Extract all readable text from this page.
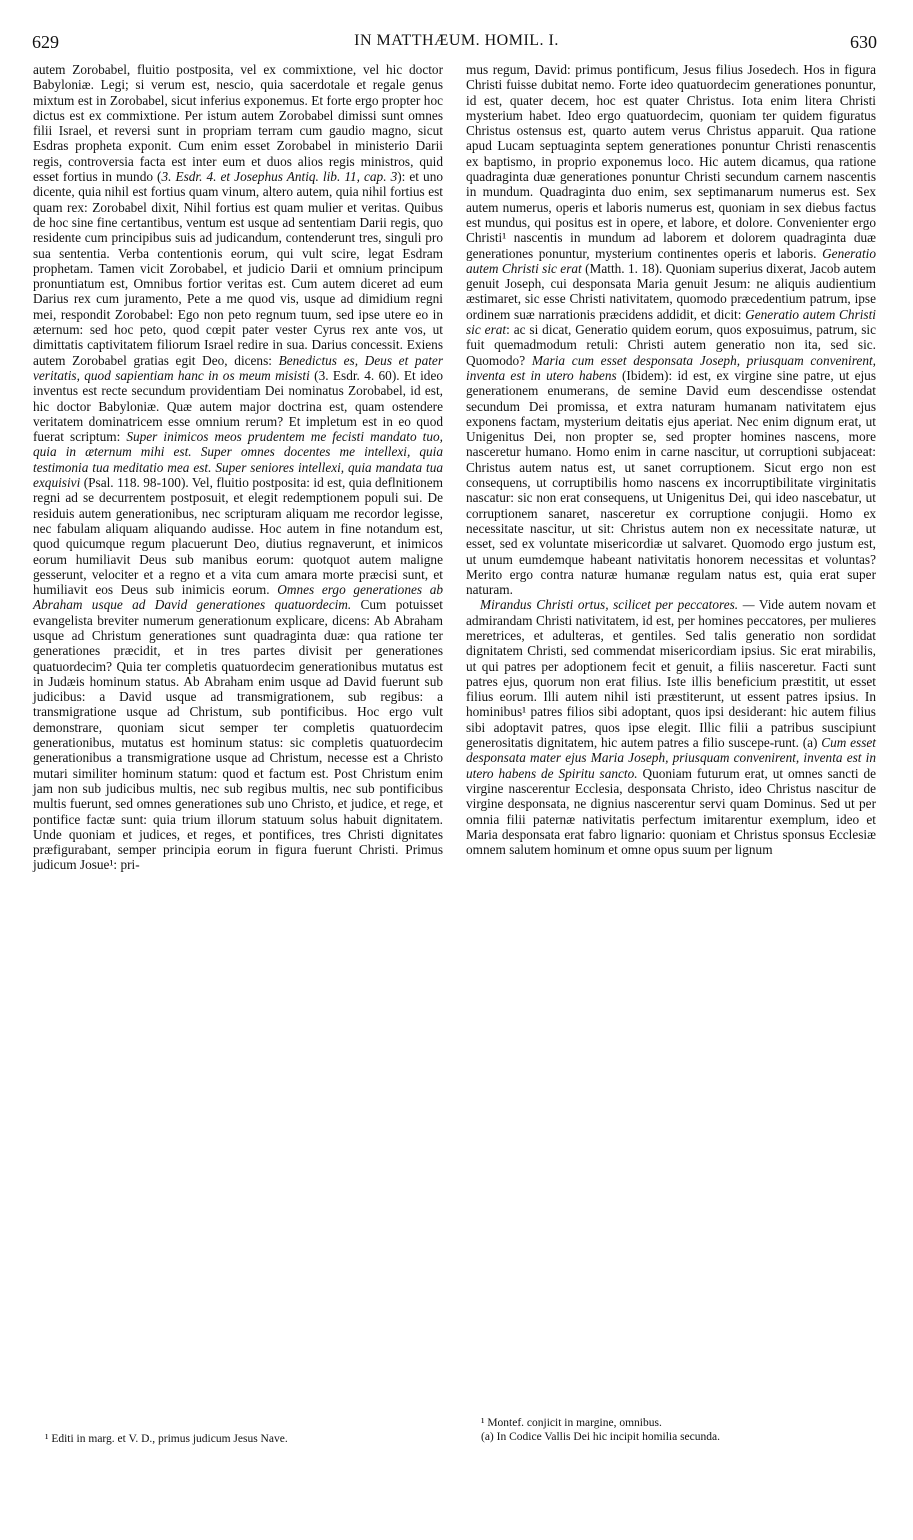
629	IN MATTHÆUM. HOMIL. I.	630

autem Zorobabel, fluitio postposita, vel ex commixtione, vel hic doctor Babyloniæ. Legi; si verum est, nescio, quia sacerdotale et regale genus mixtum est in Zorobabel, sicut inferius exponemus. Et forte ergo propter hoc dictus est ex commixtione. Per istum autem Zorobabel dimissi sunt omnes filii Israel, et reversi sunt in propriam terram cum gaudio magno, sicut Esdras propheta exponit. Cum enim esset Zorobabel in ministerio Darii regis, controversia facta est inter eum et duos alios regis ministros, quid esset fortius in mundo (3. Esdr. 4. et Josephus Antiq. lib. 11, cap. 3): et uno dicente, quia nihil est fortius quam vinum, altero autem, quia nihil fortius est quam rex: Zorobabel dixit, Nihil fortius est quam mulier et veritas. Quibus de hoc sine fine certantibus, ventum est usque ad sententiam Darii regis, quo residente cum principibus suis ad judicandum, contenderunt tres, singuli pro sua sententia. Verba contentionis eorum, qui vult scire, legat Esdram prophetam. Tamen vicit Zorobabel, et judicio Darii et omnium principum pronuntiatum est, Omnibus fortior veritas est. Cum autem diceret ad eum Darius rex cum juramento, Pete a me quod vis, usque ad dimidium regni mei, respondit Zorobabel: Ego non peto regnum tuum, sed ipse utere eo in æternum: sed hoc peto, quod cœpit pater vester Cyrus rex ante vos, ut dimittatis captivitatem filiorum Israel redire in sua. Darius concessit. Exiens autem Zorobabel gratias egit Deo, dicens: Benedictus es, Deus et pater veritatis, quod sapientiam hanc in os meum misisti (3. Esdr. 4. 60). Et ideo inventus est recte secundum providentiam Dei nominatus Zorobabel, id est, hic doctor Babyloniæ. Quæ autem major doctrina est, quam ostendere veritatem dominatricem esse omnium rerum? Et impletum est in eo quod fuerat scriptum: Super inimicos meos prudentem me fecisti mandato tuo, quia in æternum mihi est. Super omnes docentes me intellexi, quia testimonia tua meditatio mea est. Super seniores intellexi, quia mandata tua exquisivi (Psal. 118. 98-100). Vel, fluitio postposita: id est, quia deflnitionem regni ad se decurrentem postposuit, et elegit redemptionem populi sui. De residuis autem generationibus, nec scripturam aliquam me recordor legisse, nec fabulam aliquam aliquando audisse. Hoc autem in fine notandum est, quod quicumque regum placuerunt Deo, diutius regnaverunt, et inimicos eorum humiliavit Deus sub manibus eorum: quotquot autem maligne gesserunt, velociter et a regno et a vita cum amara morte præcisi sunt, et humiliavit eos Deus sub inimicis eorum. Omnes ergo generationes ab Abraham usque ad David generationes quatuordecim. Cum potuisset evangelista breviter numerum generationum explicare, dicens: Ab Abraham usque ad Christum generationes sunt quadraginta duæ: qua ratione ter generationes præcidit, et in tres partes divisit per generationes quatuordecim? Quia ter completis quatuordecim generationibus mutatus est in Judæis hominum status. Ab Abraham enim usque ad David fuerunt sub judicibus: a David usque ad transmigrationem, sub regibus: a transmigratione usque ad Christum, sub pontificibus. Hoc ergo vult demonstrare, quoniam sicut semper ter completis quatuordecim generationibus, mutatus est hominum status: sic completis quatuordecim generationibus a transmigratione usque ad Christum, necesse est a Christo mutari similiter hominum statum: quod et factum est. Post Christum enim jam non sub judicibus multis, nec sub regibus multis, nec sub pontificibus multis fuerunt, sed omnes generationes sub uno Christo, et judice, et rege, et pontifice factæ sunt: quia trium illorum statuum solus habuit dignitatem. Unde quoniam et judices, et reges, et pontifices, tres Christi dignitates præfigurabant, semper principia eorum in figura fuerunt Christi. Primus judicum Josue¹: pri-

mus regum, David: primus pontificum, Jesus filius Josedech. Hos in figura Christi fuisse dubitat nemo. Forte ideo quatuordecim generationes ponuntur, id est, quater decem, hoc est quater Christus. Iota enim litera Christi mysterium habet. Ideo ergo quatuordecim, quoniam ter quidem figuratus Christus ostensus est, quarto autem verus Christus apparuit. Qua ratione apud Lucam septuaginta septem generationes ponuntur Christi renascentis ex baptismo, in proprio exponemus loco. Hic autem dicamus, qua ratione quadraginta duæ generationes ponuntur Christi secundum carnem nascentis in mundum. Quadraginta duo enim, sex septimanarum numerus est. Sex autem numerus, operis et laboris numerus est, quoniam in sex diebus factus est mundus, qui positus est in opere, et labore, et dolore. Convenienter ergo Christi¹ nascentis in mundum ad laborem et dolorem quadraginta duæ generationes ponuntur, mysterium continentes operis et laboris. Generatio autem Christi sic erat (Matth. 1. 18). Quoniam superius dixerat, Jacob autem genuit Joseph, cui desponsata Maria genuit Jesum: ne aliquis audientium æstimaret, sic esse Christi nativitatem, quomodo præcedentium patrum, ipse ordinem suæ narrationis præcidens addidit, et dicit: Generatio autem Christi sic erat: ac si dicat, Generatio quidem eorum, quos exposuimus, patrum, sic fuit quemadmodum retuli: Christi autem generatio non ita, sed sic. Quomodo? Maria cum esset desponsata Joseph, priusquam convenirent, inventa est in utero habens (Ibidem): id est, ex virgine sine patre, ut ejus generationem enumerans, de semine David eum descendisse ostendat secundum Dei promissa, et extra naturam humanam nativitatem ejus exponens factam, mysterium deitatis ejus aperiat. Nec enim dignum erat, ut Unigenitus Dei, non propter se, sed propter homines nascens, more nasceretur humano. Homo enim in carne nascitur, ut corruptioni subjaceat: Christus autem natus est, ut sanet corruptionem. Sicut ergo non est consequens, ut corruptibilis homo nascens ex incorruptibilitate virginitatis nascatur: sic non erat consequens, ut Unigenitus Dei, qui ideo nascebatur, ut corruptionem sanaret, nasceretur ex corruptione conjugii. Homo ex necessitate nascitur, ut sit: Christus autem non ex necessitate naturæ, ut esset, sed ex voluntate misericordiæ ut salvaret. Quomodo ergo justum est, ut unum eumdemque habeant nativitatis honorem necessitas et voluntas? Merito ergo contra naturæ humanæ regulam natus est, quia erat super naturam.

Mirandus Christi ortus, scilicet per peccatores. — Vide autem novam et admirandam Christi nativitatem, id est, per homines peccatores, per mulieres meretrices, et adulteras, et gentiles. Sed talis generatio non sordidat dignitatem Christi, sed commendat misericordiam ipsius. Sic erat mirabilis, ut qui patres per adoptionem fecit et genuit, a filiis nasceretur. Facti sunt patres ejus, quorum non erat filius. Iste illis beneficium præstitit, ut esset filius eorum. Illi autem nihil isti præstiterunt, ut essent patres ipsius. In hominibus¹ patres filios sibi adoptant, quos ipsi desiderant: hic autem filius sibi adoptavit patres, quos ipse elegit. Illic filii a patribus suscipiunt generositatis dignitatem, hic autem patres a filio suscepe-runt. (a) Cum esset desponsata mater ejus Maria Joseph, priusquam convenirent, inventa est in utero habens de Spiritu sancto. Quoniam futurum erat, ut omnes sancti de virgine nascerentur Ecclesia, desponsata Christo, ideo Christus nascitur de virgine desponsata, ne dignius nascerentur servi quam Dominus. Sed ut per omnia filii paternæ nativitatis perfectum imitarentur exemplum, ideo et Maria desponsata erat fabro lignario: quoniam et Christus sponsus Ecclesiæ omnem salutem hominum et omne opus suum per lignum

¹ Editi in marg. et V. D., primus judicum Jesus Nave.
¹ Montef. conjicit in margine, omnibus.
(a) In Codice Vallis Dei hic incipit homilia secunda.
